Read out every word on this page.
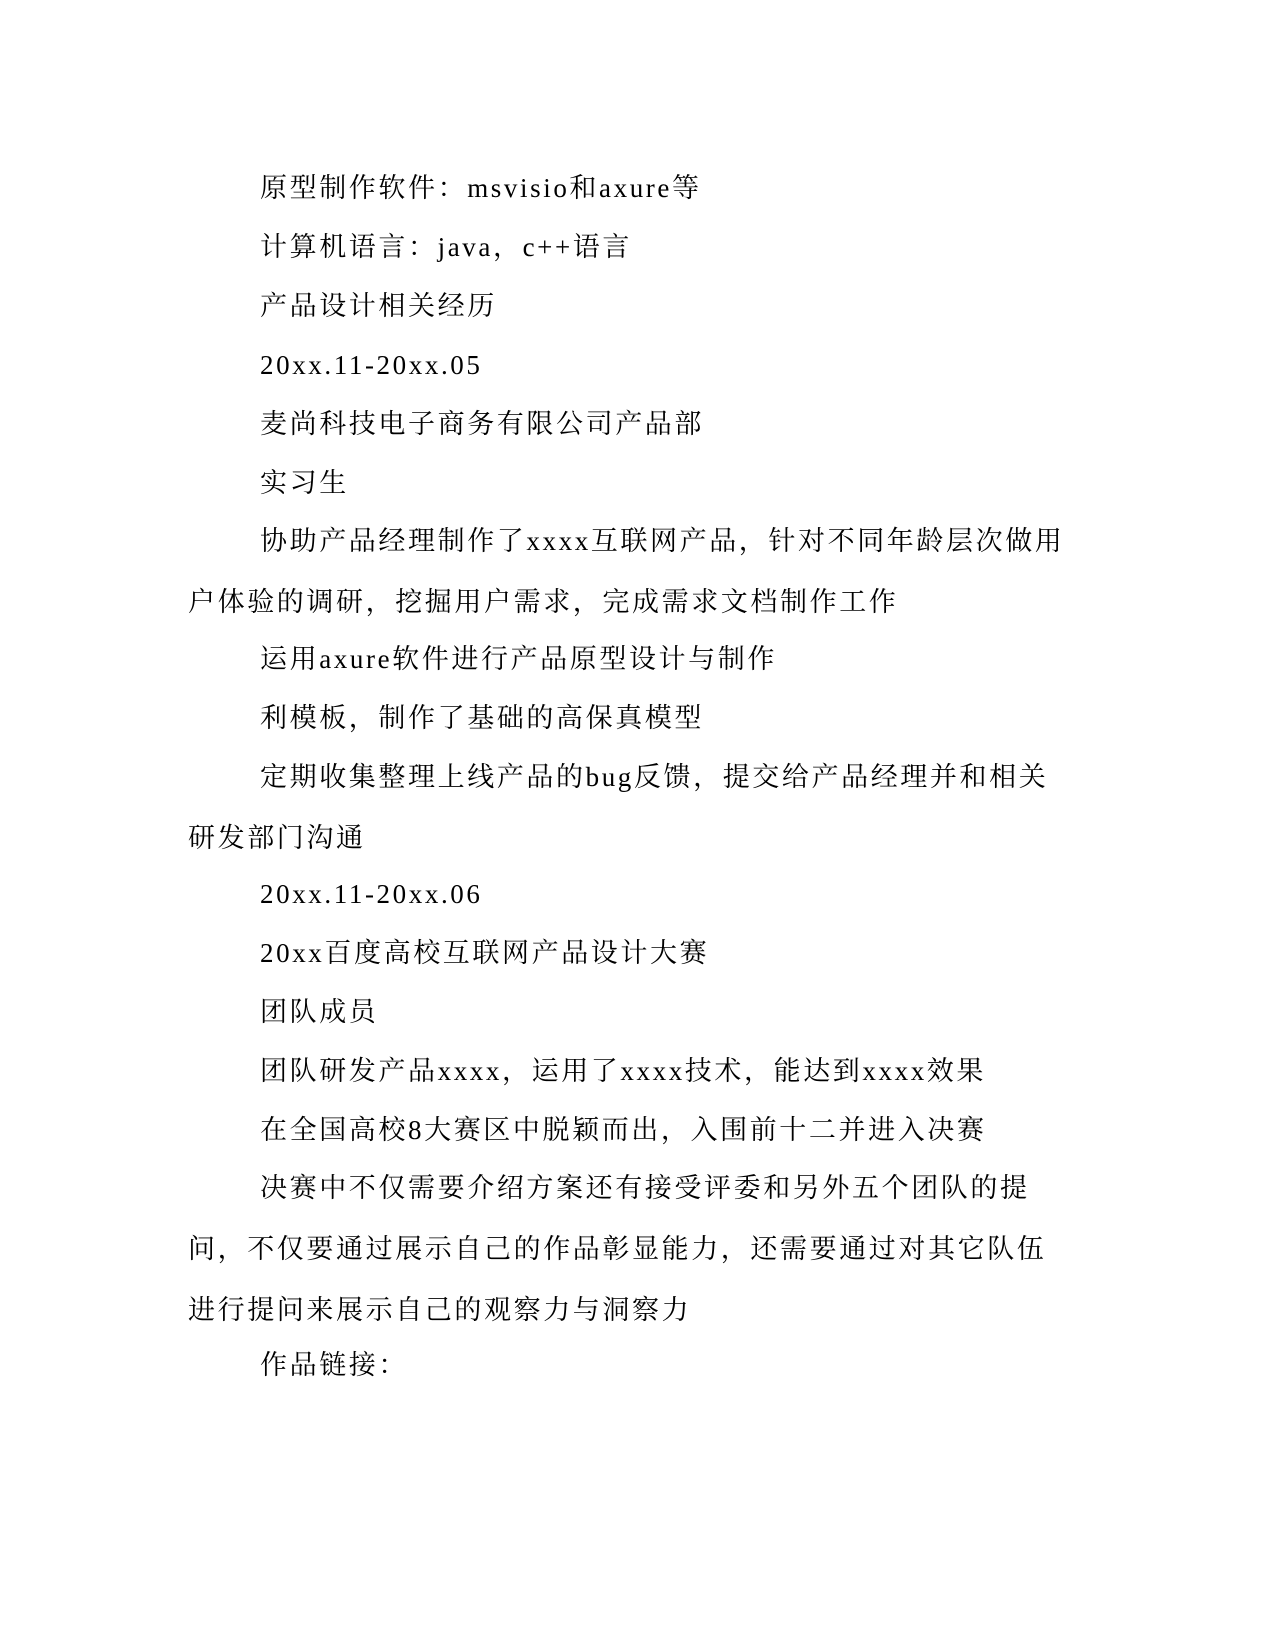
原型制作软件：msvisio和axure等

计算机语言：java，c++语言

产品设计相关经历

20xx.11-20xx.05

麦尚科技电子商务有限公司产品部

实习生

协助产品经理制作了xxxx互联网产品，针对不同年龄层次做用户体验的调研，挖掘用户需求，完成需求文档制作工作

运用axure软件进行产品原型设计与制作

利模板，制作了基础的高保真模型

定期收集整理上线产品的bug反馈，提交给产品经理并和相关研发部门沟通

20xx.11-20xx.06

20xx百度高校互联网产品设计大赛

团队成员

团队研发产品xxxx，运用了xxxx技术，能达到xxxx效果

在全国高校8大赛区中脱颖而出，入围前十二并进入决赛

决赛中不仅需要介绍方案还有接受评委和另外五个团队的提问，不仅要通过展示自己的作品彰显能力，还需要通过对其它队伍进行提问来展示自己的观察力与洞察力

作品链接：
